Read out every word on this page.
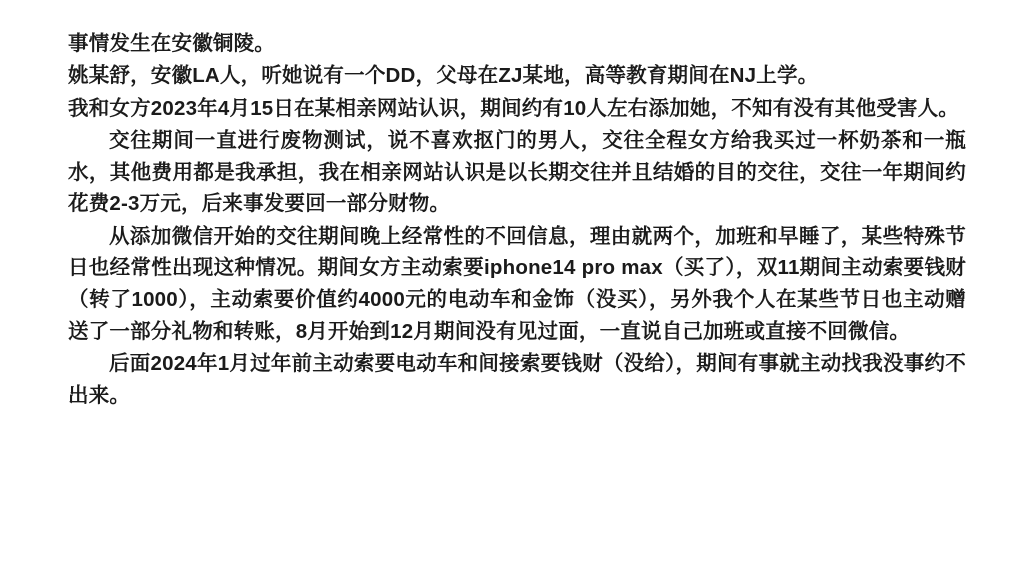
事情发生在安徽铜陵。

姚某舒，安徽LA人，听她说有一个DD，父母在ZJ某地，高等教育期间在NJ上学。

我和女方2023年4月15日在某相亲网站认识，期间约有10人左右添加她，不知有没有其他受害人。

交往期间一直进行废物测试，说不喜欢抠门的男人，交往全程女方给我买过一杯奶茶和一瓶水，其他费用都是我承担，我在相亲网站认识是以长期交往并且结婚的目的交往，交往一年期间约花费2-3万元，后来事发要回一部分财物。

从添加微信开始的交往期间晚上经常性的不回信息，理由就两个，加班和早睡了，某些特殊节日也经常性出现这种情况。期间女方主动索要iphone14 pro max（买了），双11期间主动索要钱财（转了1000），主动索要价值约4000元的电动车和金饰（没买），另外我个人在某些节日也主动赠送了一部分礼物和转账，8月开始到12月期间没有见过面，一直说自己加班或直接不回微信。

后面2024年1月过年前主动索要电动车和间接索要钱财（没给），期间有事就主动找我没事约不出来。
